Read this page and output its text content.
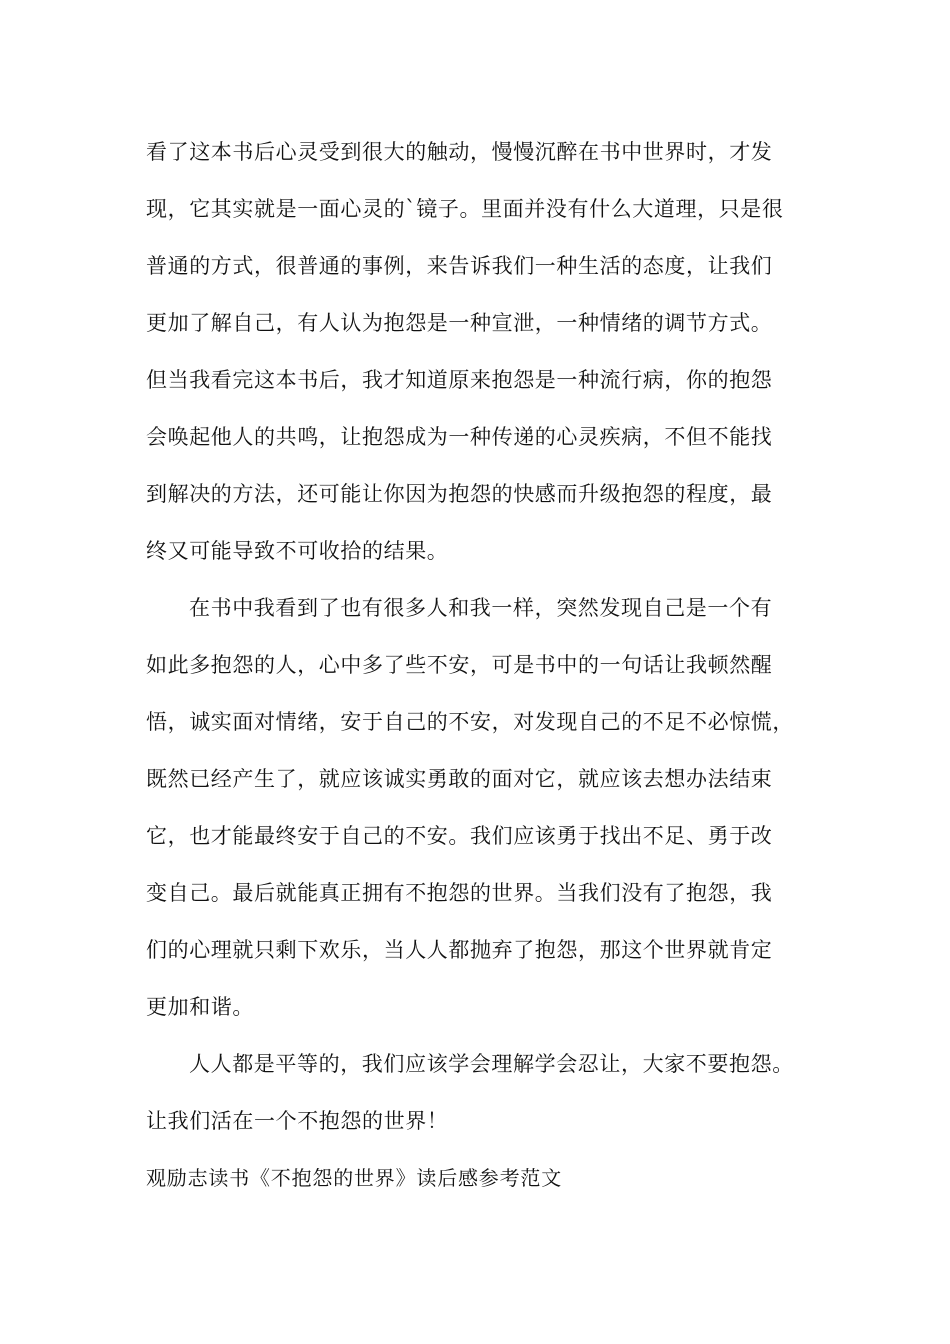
看了这本书后心灵受到很大的触动，慢慢沉醉在书中世界时，才发
现，它其实就是一面心灵的`镜子。里面并没有什么大道理，只是很
普通的方式，很普通的事例，来告诉我们一种生活的态度，让我们
更加了解自己，有人认为抱怨是一种宣泄，一种情绪的调节方式。
但当我看完这本书后，我才知道原来抱怨是一种流行病，你的抱怨
会唤起他人的共鸣，让抱怨成为一种传递的心灵疾病，不但不能找
到解决的方法，还可能让你因为抱怨的快感而升级抱怨的程度，最
终又可能导致不可收拾的结果。
在书中我看到了也有很多人和我一样，突然发现自己是一个有
如此多抱怨的人，心中多了些不安，可是书中的一句话让我顿然醒
悟，诚实面对情绪，安于自己的不安，对发现自己的不足不必惊慌，
既然已经产生了，就应该诚实勇敢的面对它，就应该去想办法结束
它，也才能最终安于自己的不安。我们应该勇于找出不足、勇于改
变自己。最后就能真正拥有不抱怨的世界。当我们没有了抱怨，我
们的心理就只剩下欢乐，当人人都抛弃了抱怨，那这个世界就肯定
更加和谐。
人人都是平等的，我们应该学会理解学会忍让，大家不要抱怨。
让我们活在一个不抱怨的世界！
观励志读书《不抱怨的世界》读后感参考范文
